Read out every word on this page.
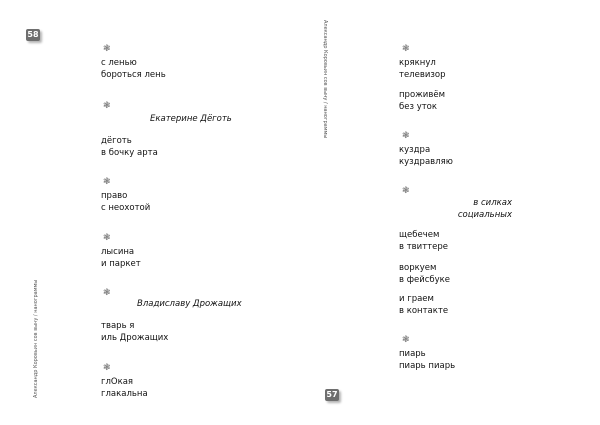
58
Александр Коровьин сов выну / нанограммы
❃
с ленью
бороться лень
❃
Екатерине Дёготь
дёготь
в бочку арта
❃
право
с неохотой
❃
лысина
и паркет
❃
Владиславу Дрожащих
тварь я
иль Дрожащих
❃
глОкая
глакальна
Александр Коровьин сов выну / нанограммы
57
❃
крякнул
телевизор
проживём
без уток
❃
куздра
куздравляю
❃
в силках
социальных
щебечем
в твиттере
воркуем
в фейсбуке
и граем
в контакте
❃
пиарь
пиарь пиарь
